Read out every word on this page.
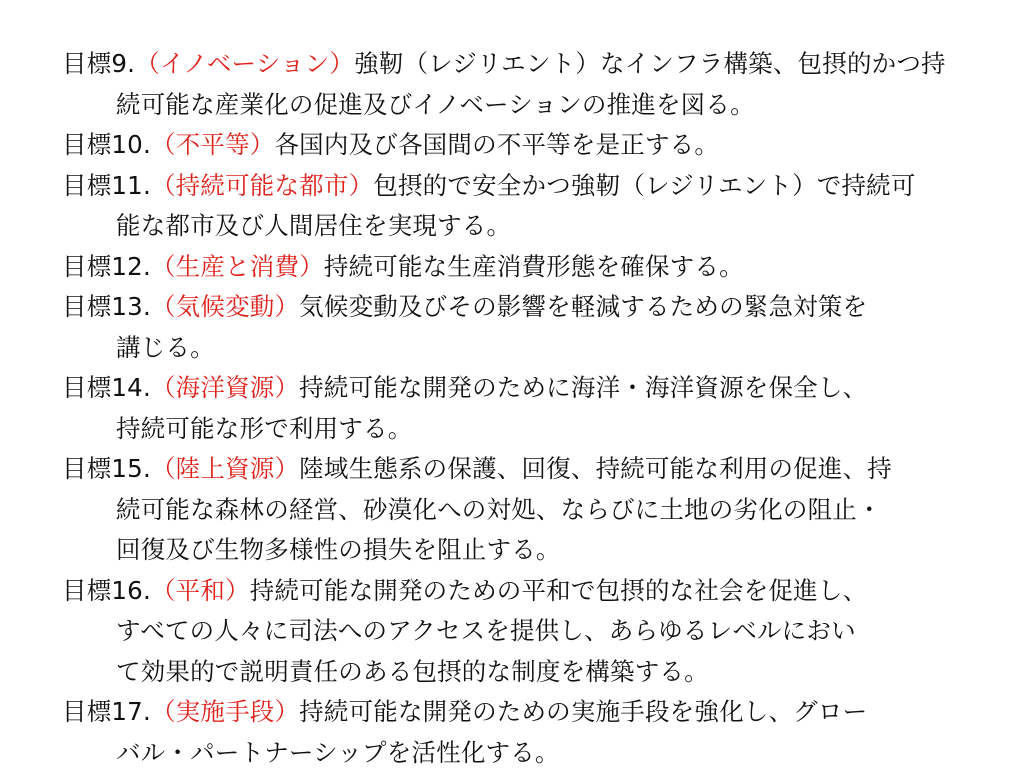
目標9.（イノベーション）強靭（レジリエント）なインフラ構築、包摂的かつ持
続可能な産業化の促進及びイノベーションの推進を図る。
目標10.（不平等）各国内及び各国間の不平等を是正する。
目標11.（持続可能な都市）包摂的で安全かつ強靭（レジリエント）で持続可
能な都市及び人間居住を実現する。
目標12.（生産と消費）持続可能な生産消費形態を確保する。
目標13.（気候変動）気候変動及びその影響を軽減するための緊急対策を
講じる。
目標14.（海洋資源）持続可能な開発のために海洋・海洋資源を保全し、
持続可能な形で利用する。
目標15.（陸上資源）陸域生態系の保護、回復、持続可能な利用の促進、持
続可能な森林の経営、砂漠化への対処、ならびに土地の劣化の阻止・
回復及び生物多様性の損失を阻止する。
目標16.（平和）持続可能な開発のための平和で包摂的な社会を促進し、
すべての人々に司法へのアクセスを提供し、あらゆるレベルにおい
て効果的で説明責任のある包摂的な制度を構築する。
目標17.（実施手段）持続可能な開発のための実施手段を強化し、グロー
バル・パートナーシップを活性化する。
